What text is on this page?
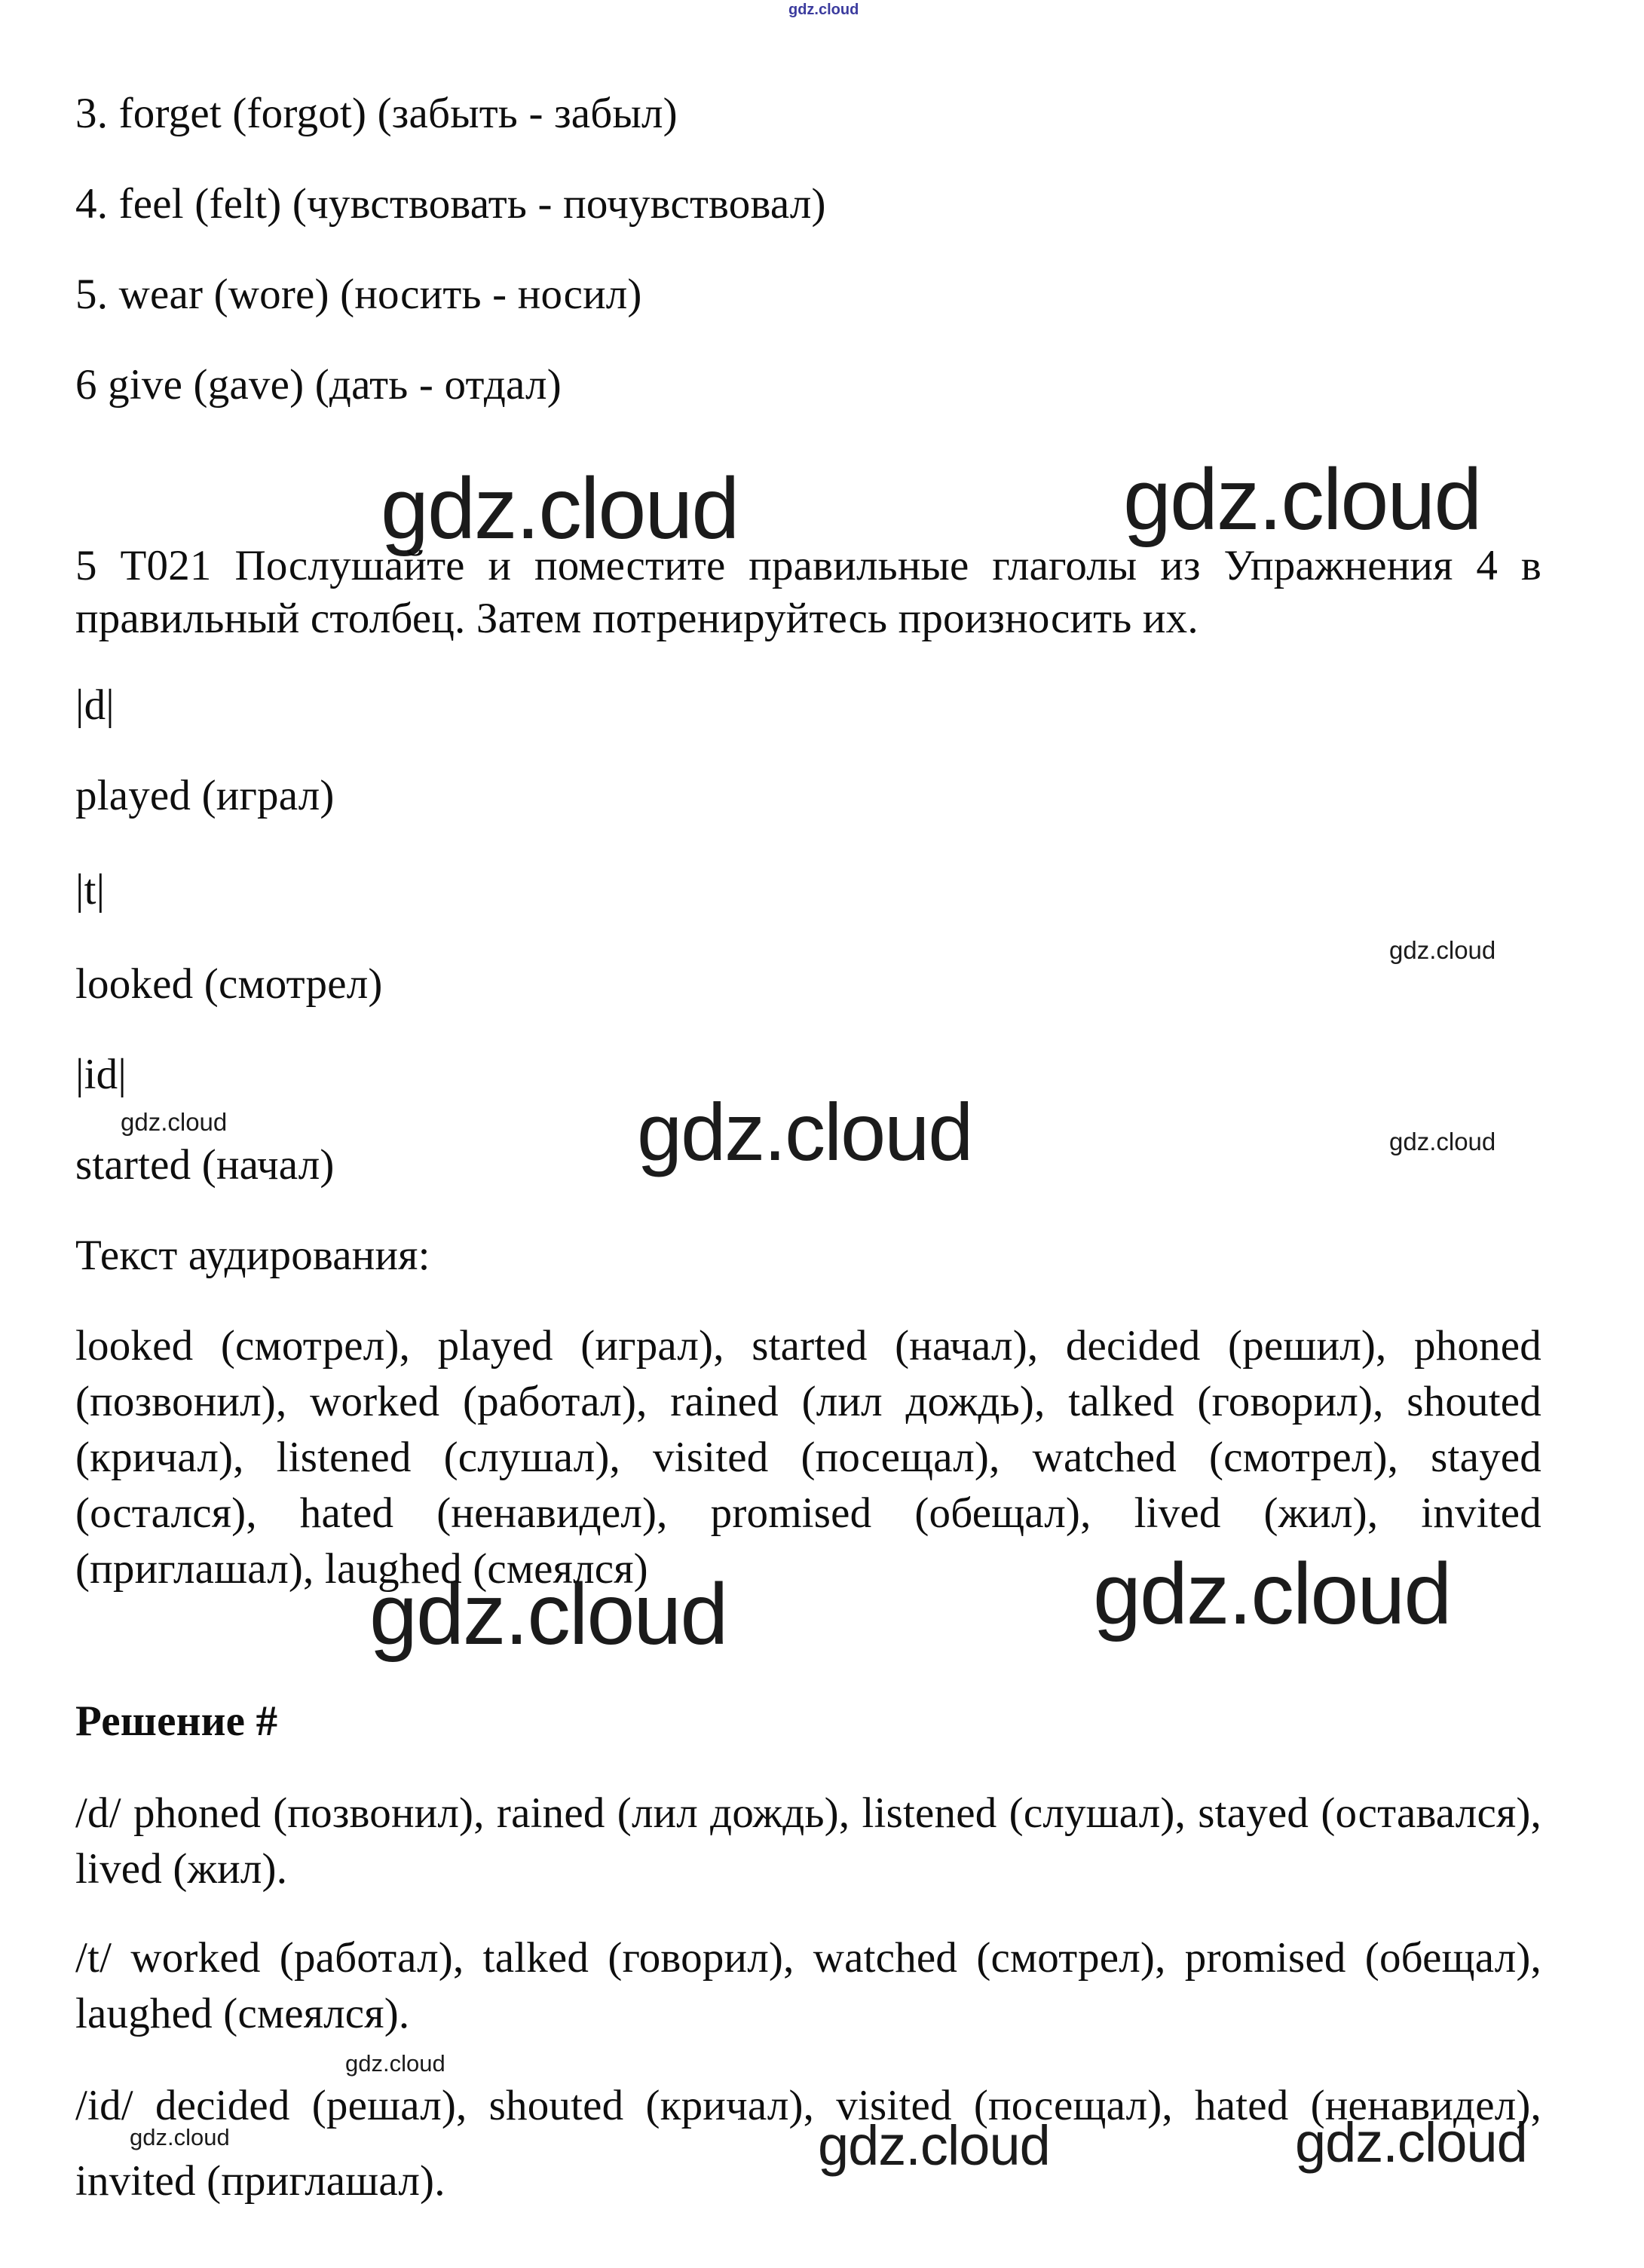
gdz.cloud
gdz.cloud	gdz.cloud
gdz.cloud
gdz.cloud	gdz.cloud	gdz.cloud
gdz.cloud	gdz.cloud
gdz.cloud
gdz.cloud	gdz.cloud	gdz.cloud
3. forget (forgot) (забыть - забыл)
4. feel (felt) (чувствовать - почувствовал)
5. wear (wore) (носить - носил)
6 give (gave) (дать - отдал)
5 Т021 Послушайте и поместите правильные глаголы из Упражнения 4 в правильный столбец. Затем потренируйтесь произносить их.
|d|
played (играл)
|t|
looked (смотрел)
|id|
started (начал)
Текст аудирования:
looked (смотрел), played (играл), started (начал), decided (решил), phoned (позвонил), worked (работал), rained (лил дождь), talked (говорил), shouted (кричал), listened (слушал), visited (посещал), watched (смотрел), stayed (остался), hated (ненавидел), promised (обещал), lived (жил), invited (приглашал), laughed (смеялся)
Решение #
/d/ phoned (позвонил), rained (лил дождь), listened (слушал), stayed (оставался), lived (жил).
/t/ worked (работал), talked (говорил), watched (смотрел), promised (обещал), laughed (смеялся).
/id/ decided (решал), shouted (кричал), visited (посещал), hated (ненавидел), invited (приглашал).
